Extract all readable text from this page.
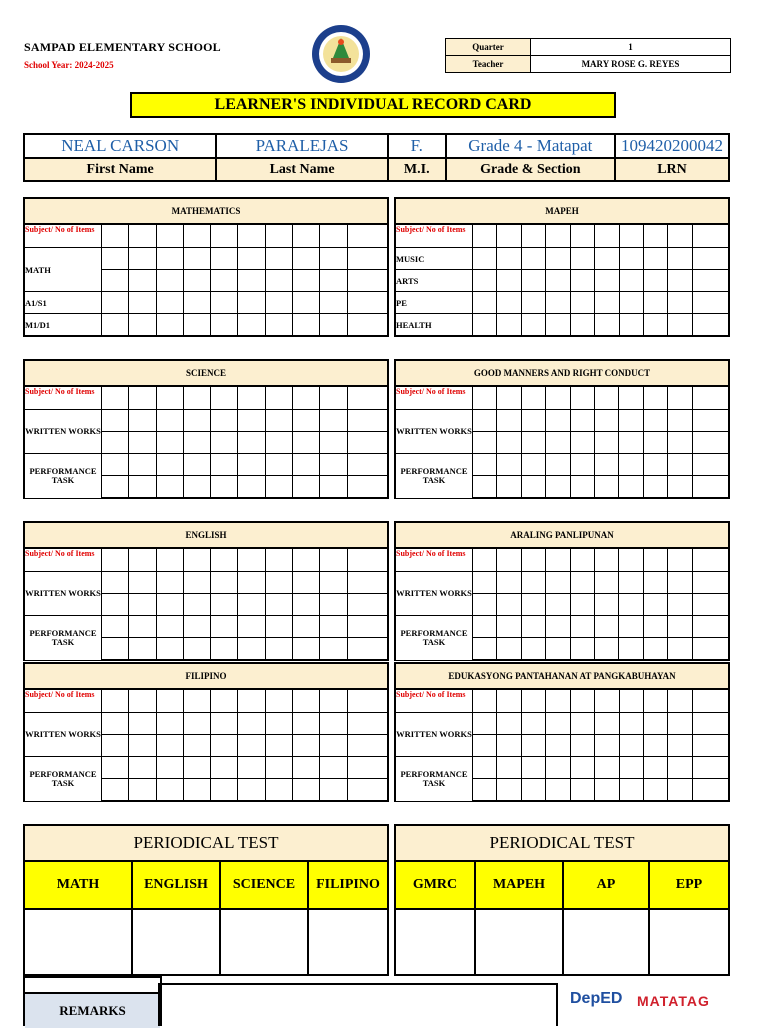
SAMPAD ELEMENTARY SCHOOL
School Year: 2024-2025
Quarter	1
Teacher	MARY ROSE G. REYES
LEARNER'S INDIVIDUAL RECORD CARD
NEAL CARSON	PARALEJAS	F.	Grade 4 - Matapat	109420200042
First Name	Last Name	M.I.	Grade & Section	LRN
MATHEMATICS										
Subject/ No of Items										
MATH										

A1/S1										
M1/D1										
MAPEH										
Subject/ No of Items										
MUSIC										
ARTS										
PE										
HEALTH										
SCIENCE										
Subject/ No of Items										
WRITTEN WORKS										

PERFORMANCE TASK										

GOOD MANNERS AND RIGHT CONDUCT										
Subject/ No of Items										
WRITTEN WORKS										

PERFORMANCE TASK										

ENGLISH										
Subject/ No of Items										
WRITTEN WORKS										

PERFORMANCE TASK										

ARALING PANLIPUNAN										
Subject/ No of Items										
WRITTEN WORKS										

PERFORMANCE TASK										

FILIPINO										
Subject/ No of Items										
WRITTEN WORKS										

PERFORMANCE TASK										

EDUKASYONG PANTAHANAN AT PANGKABUHAYAN										
Subject/ No of Items										
WRITTEN WORKS										

PERFORMANCE TASK										

PERIODICAL TEST			
MATH	ENGLISH	SCIENCE	FILIPINO

PERIODICAL TEST			
GMRC	MAPEH	AP	EPP

REMARKS
DepED MATATAG
